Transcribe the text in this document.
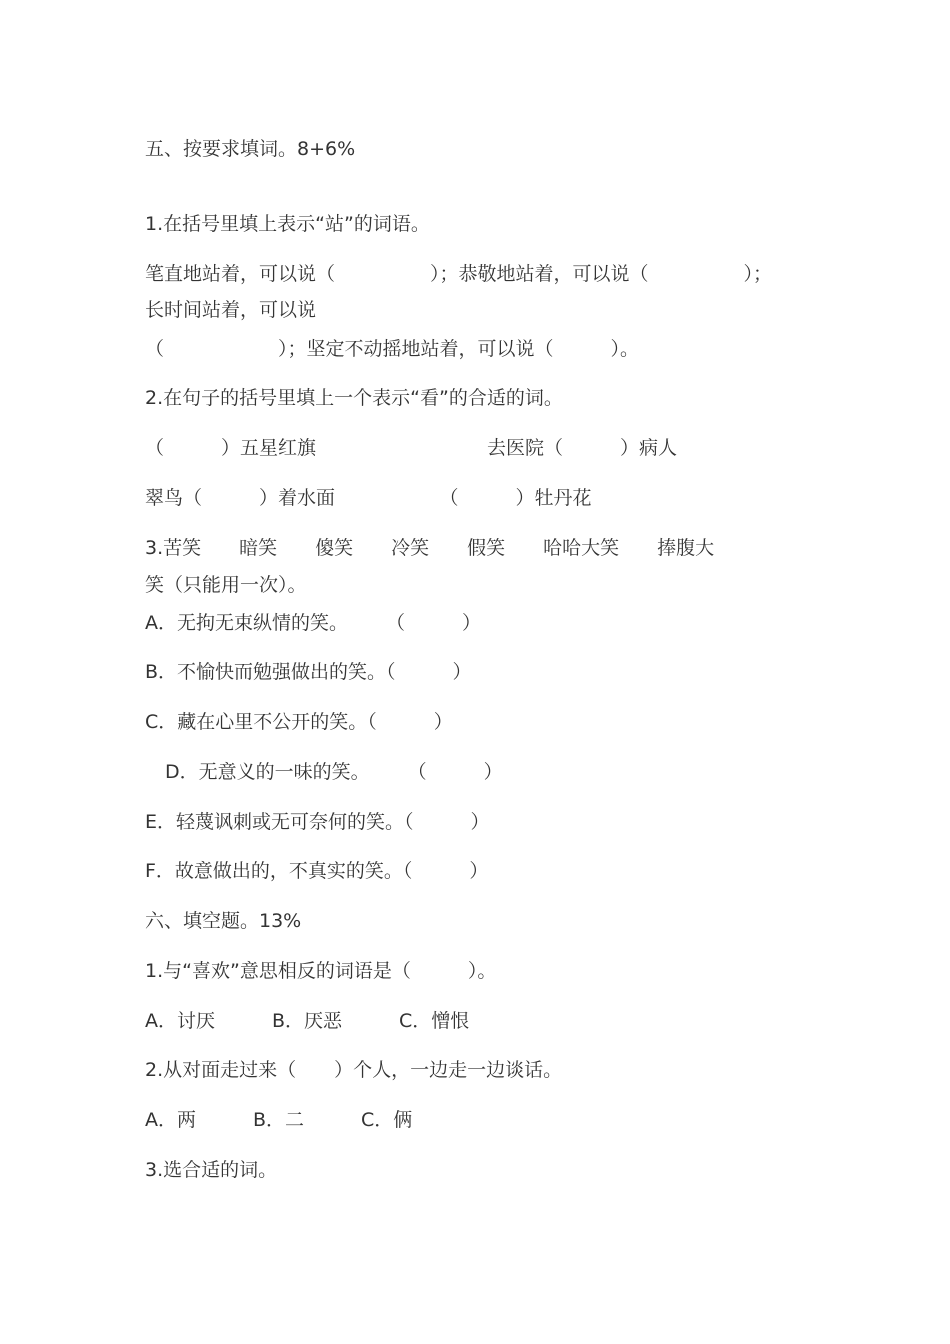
五、按要求填词。8+6%
1.在括号里填上表示“站”的词语。
笔直地站着，可以说（　　　　　）；恭敬地站着，可以说（　　　　　）；
长时间站着，可以说
（　　　　　　）；坚定不动摇地站着，可以说（　　　）。
2.在句子的括号里填上一个表示“看”的合适的词。
（　　　）五星红旗　　　　　　　　　去医院（　　　）病人
翠鸟（　　　）着水面　　　　　　（　　　）牡丹花
3.苦笑　　暗笑　　傻笑　　冷笑　　假笑　　哈哈大笑　　捧腹大
笑（只能用一次）。
A．无拘无束纵情的笑。　　　（　　　）
B．不愉快而勉强做出的笑。（　　　）
C．藏在心里不公开的笑。（　　　）
D．无意义的一味的笑。　　　（　　　）
E．轻蔑讽刺或无可奈何的笑。（　　　）
F．故意做出的，不真实的笑。（　　　）
六、填空题。13%
1.与“喜欢”意思相反的词语是（　　　）。
A．讨厌　　　B．厌恶　　　C．憎恨
2.从对面走过来（　　）个人，一边走一边谈话。
A．两　　　B．二　　　C．俩
3.选合适的词。
